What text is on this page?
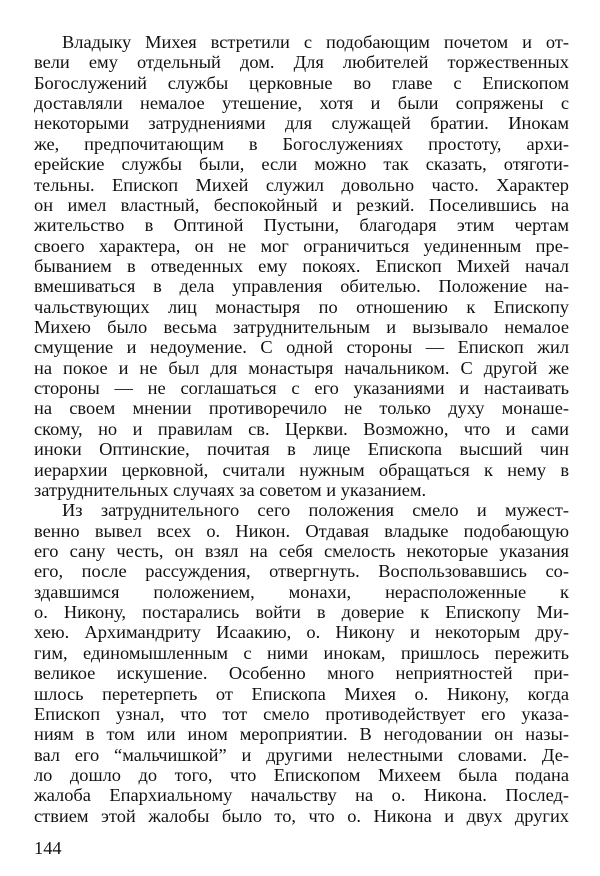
Владыку Михея встретили с подобающим почетом и от-
вели ему отдельный дом. Для любителей торжественных
Богослужений службы церковные во главе с Епископом
доставляли немалое утешение, хотя и были сопряжены с
некоторыми затруднениями для служащей братии. Инокам
же, предпочитающим в Богослужениях простоту, архи-
ерейские службы были, если можно так сказать, отяготи-
тельны. Епископ Михей служил довольно часто. Характер
он имел властный, беспокойный и резкий. Поселившись на
жительство в Оптиной Пустыни, благодаря этим чертам
своего характера, он не мог ограничиться уединенным пре-
быванием в отведенных ему покоях. Епископ Михей начал
вмешиваться в дела управления обителью. Положение на-
чальствующих лиц монастыря по отношению к Епископу
Михею было весьма затруднительным и вызывало немалое
смущение и недоумение. С одной стороны — Епископ жил
на покое и не был для монастыря начальником. С другой же
стороны — не соглашаться с его указаниями и настаивать
на своем мнении противоречило не только духу монаше-
скому, но и правилам св. Церкви. Возможно, что и сами
иноки Оптинские, почитая в лице Епископа высший чин
иерархии церковной, считали нужным обращаться к нему в
затруднительных случаях за советом и указанием.
Из затруднительного сего положения смело и мужест-
венно вывел всех о. Никон. Отдавая владыке подобающую
его сану честь, он взял на себя смелость некоторые указания
его, после рассуждения, отвергнуть. Воспользовавшись со-
здавшимся положением, монахи, нерасположенные к
о. Никону, постарались войти в доверие к Епископу Ми-
хею. Архимандриту Исаакию, о. Никону и некоторым дру-
гим, единомышленным с ними инокам, пришлось пережить
великое искушение. Особенно много неприятностей при-
шлось перетерпеть от Епископа Михея о. Никону, когда
Епископ узнал, что тот смело противодействует его указа-
ниям в том или ином мероприятии. В негодовании он назы-
вал его “мальчишкой” и другими нелестными словами. Де-
ло дошло до того, что Епископом Михеем была подана
жалоба Епархиальному начальству на о. Никона. Послед-
ствием этой жалобы было то, что о. Никона и двух других
144
